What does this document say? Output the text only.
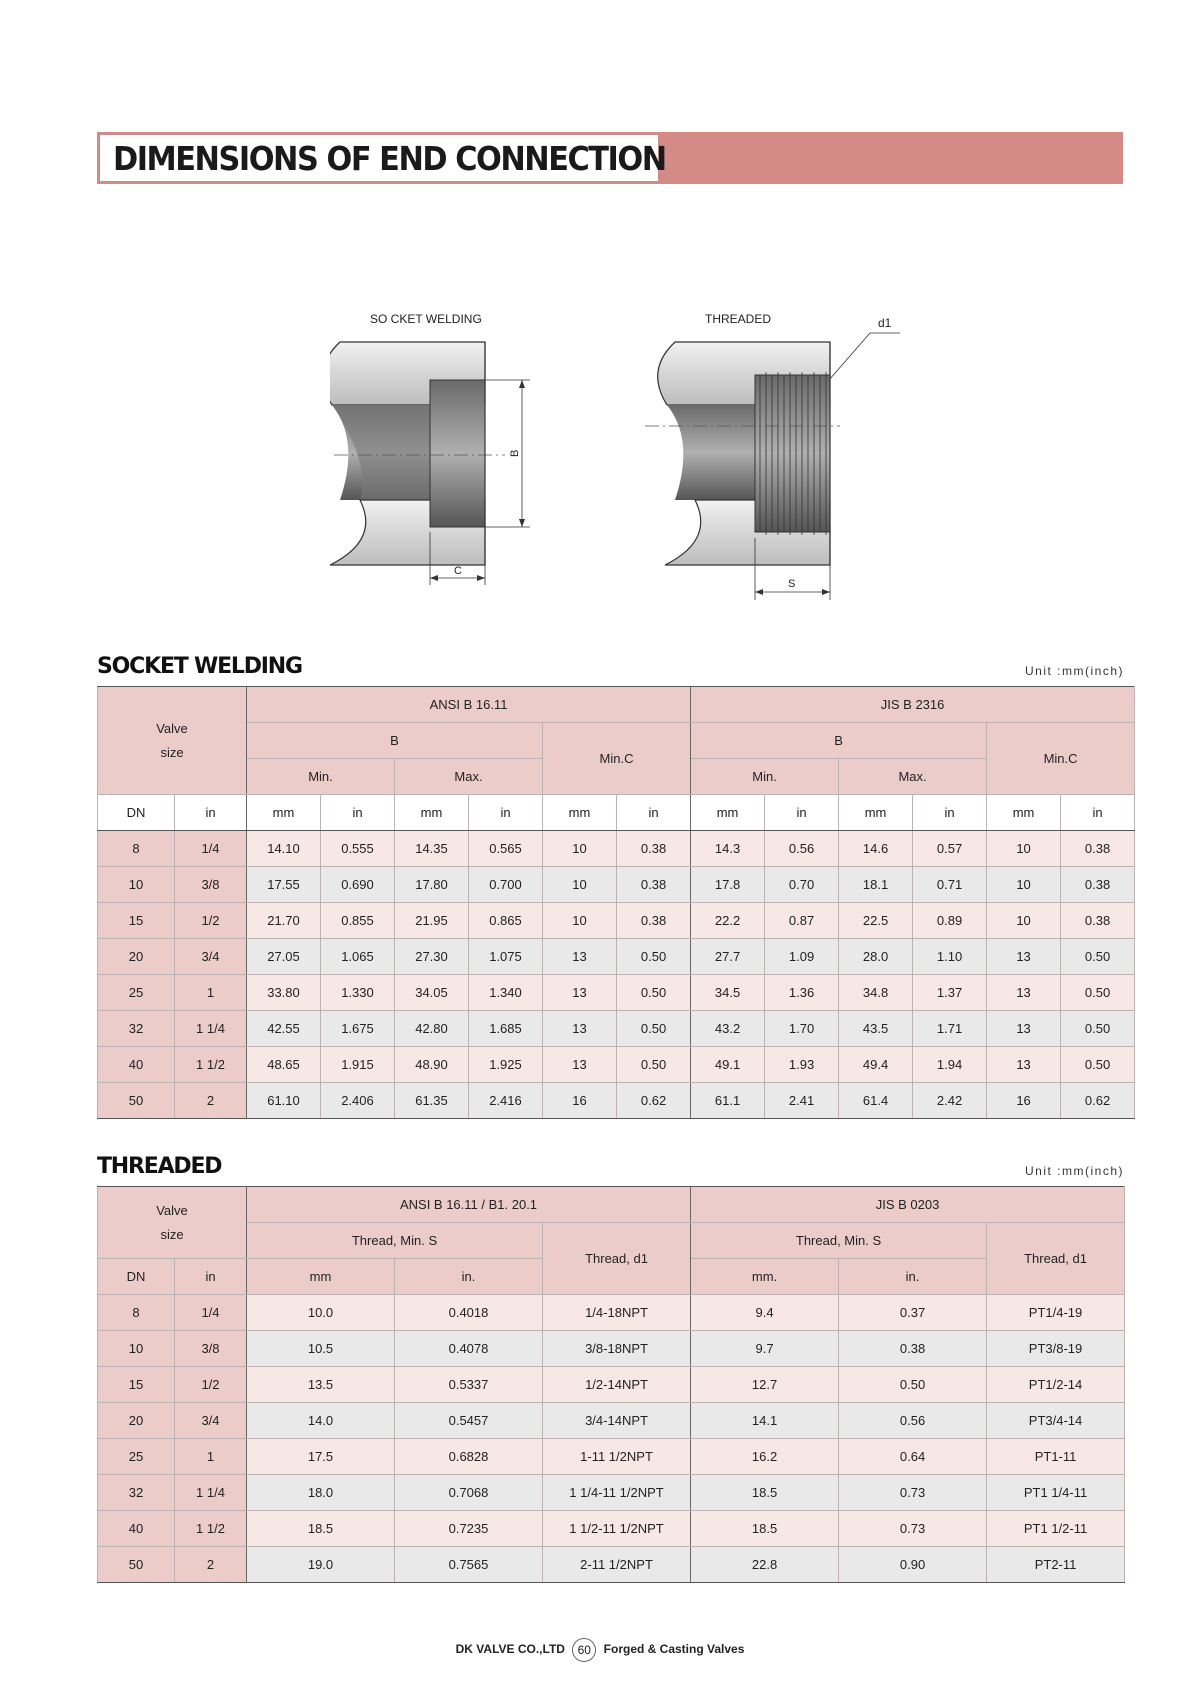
DIMENSIONS OF END CONNECTION
SO CKET WELDING	THREADED	d1
B
C
S
SOCKET WELDING	Unit :mm(inch)
Valve
size		ANSI B 16.11						JIS B 2316					
		B				Min.C		B				Min.C	
		Min.		Max.				Min.		Max.			
DN	in	mm	in	mm	in	mm	in	mm	in	mm	in	mm	in
8	1/4	14.10	0.555	14.35	0.565	10	0.38	14.3	0.56	14.6	0.57	10	0.38
10	3/8	17.55	0.690	17.80	0.700	10	0.38	17.8	0.70	18.1	0.71	10	0.38
15	1/2	21.70	0.855	21.95	0.865	10	0.38	22.2	0.87	22.5	0.89	10	0.38
20	3/4	27.05	1.065	27.30	1.075	13	0.50	27.7	1.09	28.0	1.10	13	0.50
25	1	33.80	1.330	34.05	1.340	13	0.50	34.5	1.36	34.8	1.37	13	0.50
32	1 1/4	42.55	1.675	42.80	1.685	13	0.50	43.2	1.70	43.5	1.71	13	0.50
40	1 1/2	48.65	1.915	48.90	1.925	13	0.50	49.1	1.93	49.4	1.94	13	0.50
50	2	61.10	2.406	61.35	2.416	16	0.62	61.1	2.41	61.4	2.42	16	0.62
THREADED	Unit :mm(inch)
Valve
size		ANSI B 16.11 / B1. 20.1			JIS B 0203		
		Thread, Min. S		Thread, d1	Thread, Min. S		Thread, d1
DN	in	mm	in.		mm.	in.	
8	1/4	10.0	0.4018	1/4-18NPT	9.4	0.37	PT1/4-19
10	3/8	10.5	0.4078	3/8-18NPT	9.7	0.38	PT3/8-19
15	1/2	13.5	0.5337	1/2-14NPT	12.7	0.50	PT1/2-14
20	3/4	14.0	0.5457	3/4-14NPT	14.1	0.56	PT3/4-14
25	1	17.5	0.6828	1-11 1/2NPT	16.2	0.64	PT1-11
32	1 1/4	18.0	0.7068	1 1/4-11 1/2NPT	18.5	0.73	PT1 1/4-11
40	1 1/2	18.5	0.7235	1 1/2-11 1/2NPT	18.5	0.73	PT1 1/2-11
50	2	19.0	0.7565	2-11 1/2NPT	22.8	0.90	PT2-11
DK VALVE CO.,LTD 60 Forged & Casting Valves
